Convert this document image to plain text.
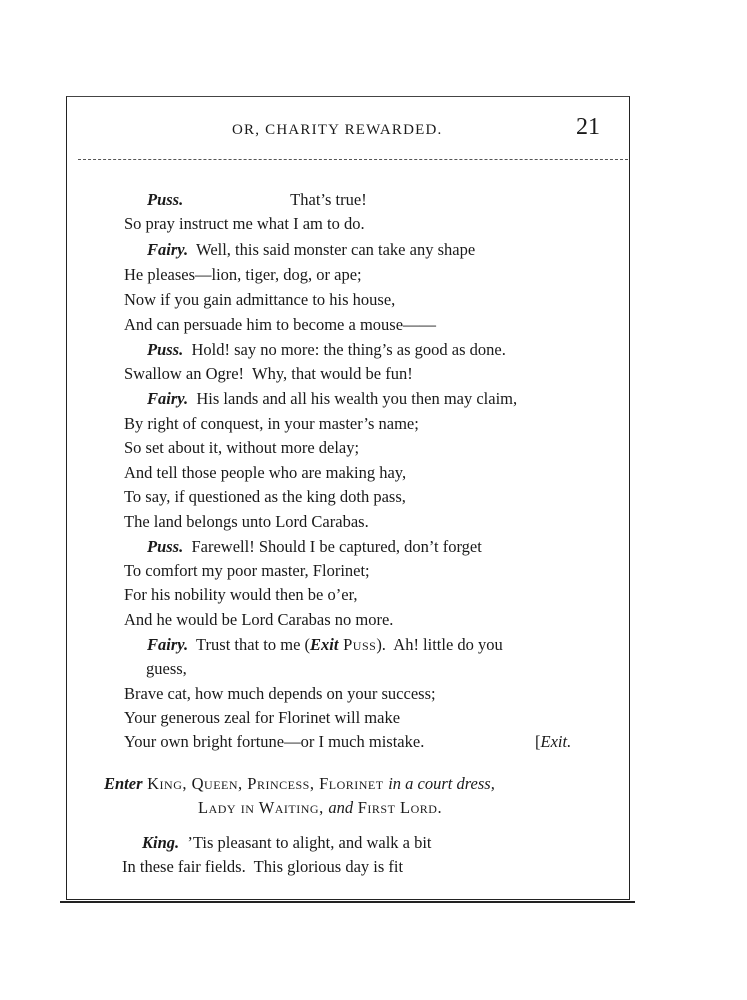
OR, CHARITY REWARDED.	21
Puss.                          That’s true!
So pray instruct me what I am to do.
Fairy.  Well, this said monster can take any shape
He pleases—lion, tiger, dog, or ape;
Now if you gain admittance to his house,
And can persuade him to become a mouse——
Puss.  Hold! say no more: the thing’s as good as done.
Swallow an Ogre!  Why, that would be fun!
Fairy.  His lands and all his wealth you then may claim,
By right of conquest, in your master’s name;
So set about it, without more delay;
And tell those people who are making hay,
To say, if questioned as the king doth pass,
The land belongs unto Lord Carabas.
Puss.  Farewell! Should I be captured, don’t forget
To comfort my poor master, Florinet;
For his nobility would then be o’er,
And he would be Lord Carabas no more.
Fairy.  Trust that to me (Exit Puss).  Ah! little do you
guess,
Brave cat, how much depends on your success;
Your generous zeal for Florinet will make
Your own bright fortune—or I much mistake.	[Exit.
Enter King, Queen, Princess, Florinet in a court dress,
Lady in Waiting, and First Lord.
King.  ’Tis pleasant to alight, and walk a bit
In these fair fields.  This glorious day is fit
